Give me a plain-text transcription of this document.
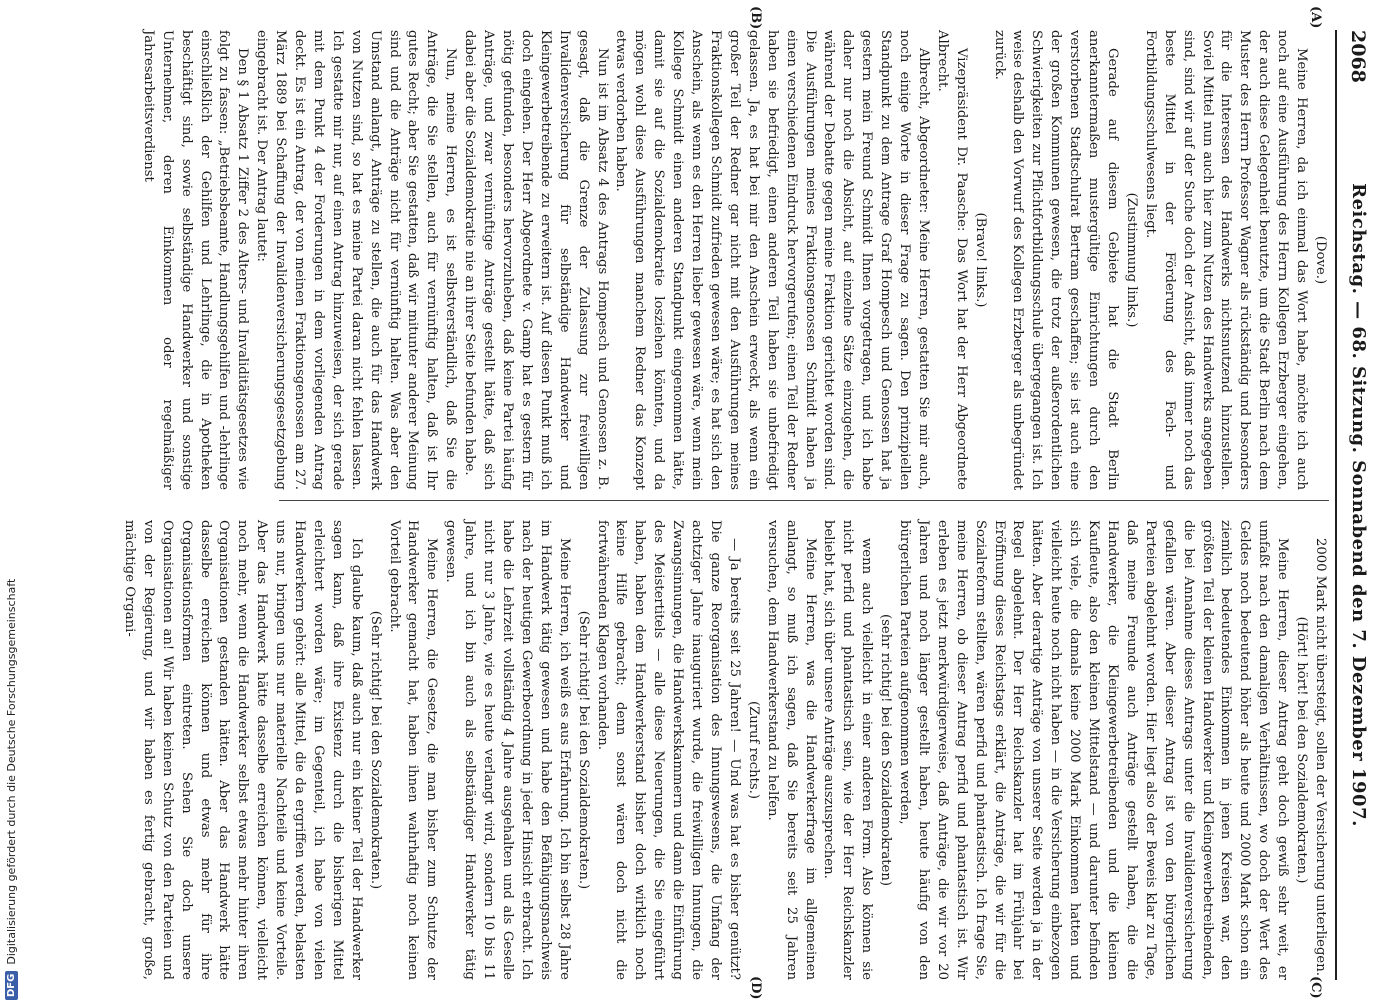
2068
Reichstag. — 68. Sitzung. Sonnabend den 7. Dezember 1907.
(A)
(B)
(C)
(D)

(Dove.)

Meine Herren, da ich einmal das Wort habe, möchte ich auch noch auf eine Ausführung des Herrn Kollegen Erzberger eingehen, der auch diese Gelegenheit benutzte, um die Stadt Berlin nach dem Muster des Herrn Professor Wagner als rückständig und besonders für die Interessen des Handwerks nichtsnutzend hinzustellen. Soviel Mittel nun auch hier zum Nutzen des Handwerks angegeben sind, sind wir auf der Suche doch der Ansicht, daß immer noch das beste Mittel in der Förderung des Fach- und Fortbildungsschulwesens liegt.

(Zustimmung links.)

Gerade auf diesem Gebiete hat die Stadt Berlin anerkanntermaßen mustergültige Einrichtungen durch den verstorbenen Stadtschulrat Bertram geschaffen; sie ist auch eine der großen Kommunen gewesen, die trotz der außerordentlichen Schwierigkeiten zur Pflichtfortbildungsschule übergegangen ist. Ich weise deshalb den Vorwurf des Kollegen Erzberger als unbegründet zurück.

(Bravo! links.)

Vizepräsident Dr. Paasche: Das Wort hat der Herr Abgeordnete Albrecht.

Albrecht, Abgeordneter: Meine Herren, gestatten Sie mir auch, noch einige Worte in dieser Frage zu sagen. Den prinzipiellen Standpunkt zu dem Antrage Graf Hompesch und Genossen hat ja gestern mein Freund Schmidt Ihnen vorgetragen, und ich habe daher nur noch die Absicht, auf einzelne Sätze einzugehen, die während der Debatte gegen meine Fraktion gerichtet worden sind. Die Ausführungen meines Fraktionsgenossen Schmidt haben ja einen verschiedenen Eindruck hervorgerufen; einen Teil der Redner haben sie befriedigt, einen anderen Teil haben sie unbefriedigt gelassen. Ja, es hat bei mir den Anschein erweckt, als wenn ein großer Teil der Redner gar nicht mit den Ausführungen meines Fraktionskollegen Schmidt zufrieden gewesen wäre; es hat sich den Anschein, als wenn es den Herren lieber gewesen wäre, wenn mein Kollege Schmidt einen anderen Standpunkt eingenommen hätte, damit sie auf die Sozialdemokratie losziehen könnten, und da mögen wohl diese Ausführungen manchem Redner das Konzept etwas verdorben haben.

Nun ist im Absatz 4 des Antrags Hompesch und Genossen z. B. gesagt, daß die Grenze der Zulassung zur freiwilligen Invalidenversicherung für selbständige Handwerker und Kleingewerbetreibende zu erweitern ist. Auf diesen Punkt muß ich doch eingehen. Der Herr Abgeordnete v. Gamp hat es gestern für nötig gefunden, besonders hervorzuheben, daß keine Partei häufig Anträge, und zwar vernünftige Anträge gestellt hätte, daß sich dabei aber die Sozialdemokratie nie an ihrer Seite befunden habe.

Nun, meine Herren, es ist selbstverständlich, daß Sie die Anträge, die Sie stellen, auch für vernünftig halten, daß ist Ihr gutes Recht; aber Sie gestatten, daß wir mitunter anderer Meinung sind und die Anträge nicht für vernünftig halten. Was aber den Umstand anlangt, Anträge zu stellen, die auch für das Handwerk von Nutzen sind, so hat es meine Partei daran nicht fehlen lassen. Ich gestatte mir nur, auf einen Antrag hinzuweisen, der sich gerade mit dem Punkt 4 der Forderungen in dem vorliegenden Antrag deckt. Es ist ein Antrag, der von meinen Fraktionsgenossen am 27. März 1889 bei Schaffung der Invalidenversicherungsgesetzgebung eingebracht ist. Der Antrag lautet:

Den § 1 Absatz 1 Ziffer 2 des Alters- und Invaliditätsgesetzes wie folgt zu fassen: „Betriebsbeamte, Handlungsgehilfen und -lehrlinge einschließlich der Gehilfen und Lehrlinge, die in Apotheken beschäftigt sind, sowie selbständige Handwerker und sonstige Unternehmer, deren Einkommen oder regelmäßiger Jahresarbeitsverdienst

2000 Mark nicht übersteigt, sollen der Versicherung unterliegen.

(Hört! hört! bei den Sozialdemokraten.)

Meine Herren, dieser Antrag geht doch gewiß sehr weit, er umfaßt nach den damaligen Verhältnissen, wo doch der Wert des Geldes noch bedeutend höher als heute und 2000 Mark schon ein ziemlich bedeutendes Einkommen in jenen Kreisen war, den größten Teil der kleinen Handwerker und Kleingewerbetreibenden, die bei Annahme dieses Antrags unter die Invalidenversicherung gefallen wären. Aber dieser Antrag ist von den bürgerlichen Parteien abgelehnt worden. Hier liegt also der Beweis klar zu Tage, daß meine Freunde auch Anträge gestellt haben, die die Handwerker, die Kleingewerbetreibenden und die kleinen Kaufleute, also den kleinen Mittelstand — und darunter befinden sich viele, die damals keine 2000 Mark Einkommen hatten und vielleicht heute noch nicht haben — in die Versicherung einbezogen hätten. Aber derartige Anträge von unserer Seite werden ja in der Regel abgelehnt. Der Herr Reichskanzler hat im Frühjahr bei Eröffnung dieses Reichstags erklärt, die Anträge, die wir für die Sozialreform stellten, wären perfid und phantastisch. Ich frage Sie, meine Herren, ob dieser Antrag perfid und phantastisch ist. Wir erleben es jetzt merkwürdigerweise, daß Anträge, die wir vor 20 Jahren und noch länger gestellt haben, heute häufig von den bürgerlichen Parteien aufgenommen werden,

(sehr richtig! bei den Sozialdemokraten)

wenn auch vielleicht in einer anderen Form. Also können sie nicht perfid und phantastisch sein, wie der Herr Reichskanzler beliebt hat, sich über unsere Anträge auszusprechen.

Meine Herren, was die Handwerkerfrage im allgemeinen anlangt, so muß ich sagen, daß Sie bereits seit 25 Jahren versuchen, dem Handwerkerstand zu helfen.

(Zuruf rechts.)

— Ja bereits seit 25 Jahren! — Und was hat es bisher genützt? Die ganze Reorganisation des Innungswesens, die Umfang der achtziger Jahre inauguriert wurde, die freiwilligen Innungen, die Zwangsinnungen, die Handwerkskammern und dann die Einführung des Meistertitels — alle diese Neuerungen, die Sie eingeführt haben, haben dem Handwerkerstand bisher doch wirklich noch keine Hilfe gebracht; denn sonst wären doch nicht die fortwährenden Klagen vorhanden.

(Sehr richtig! bei den Sozialdemokraten.)

Meine Herren, ich weiß es aus Erfahrung. Ich bin selbst 28 Jahre im Handwerk tätig gewesen und habe den Befähigungsnachweis nach der heutigen Gewerbeordnung in jeder Hinsicht erbracht. Ich habe die Lehrzeit vollständig 4 Jahre ausgehalten und als Geselle nicht nur 3 Jahre, wie es heute verlangt wird, sondern 10 bis 11 Jahre, und ich bin auch als selbständiger Handwerker tätig gewesen.

Meine Herren, die Gesetze, die man bisher zum Schutze der Handwerker gemacht hat, haben ihnen wahrhaftig noch keinen Vorteil gebracht.

(Sehr richtig! bei den Sozialdemokraten.)

Ich glaube kaum, daß auch nur ein kleiner Teil der Handwerker sagen kann, daß ihre Existenz durch die bisherigen Mittel erleichtert worden wäre; im Gegenteil, ich habe von vielen Handwerkern gehört: alle Mittel, die da ergriffen werden, belasten uns nur, bringen uns nur materielle Nachteile und keine Vorteile. Aber das Handwerk hätte dasselbe erreichen können, vielleicht noch mehr, wenn die Handwerker selbst etwas mehr hinter ihren Organisationen gestanden hätten. Aber das Handwerk hätte dasselbe erreichen können und etwas mehr für ihre Organisationsformen eintreten. Sehen Sie doch unsere Organisationen an! Wir haben keinen Schutz von den Parteien und von der Regierung, und wir haben es fertig gebracht, große, mächtige Organi-

DFG
Digitalisierung gefördert durch die Deutsche Forschungsgemeinschaft
